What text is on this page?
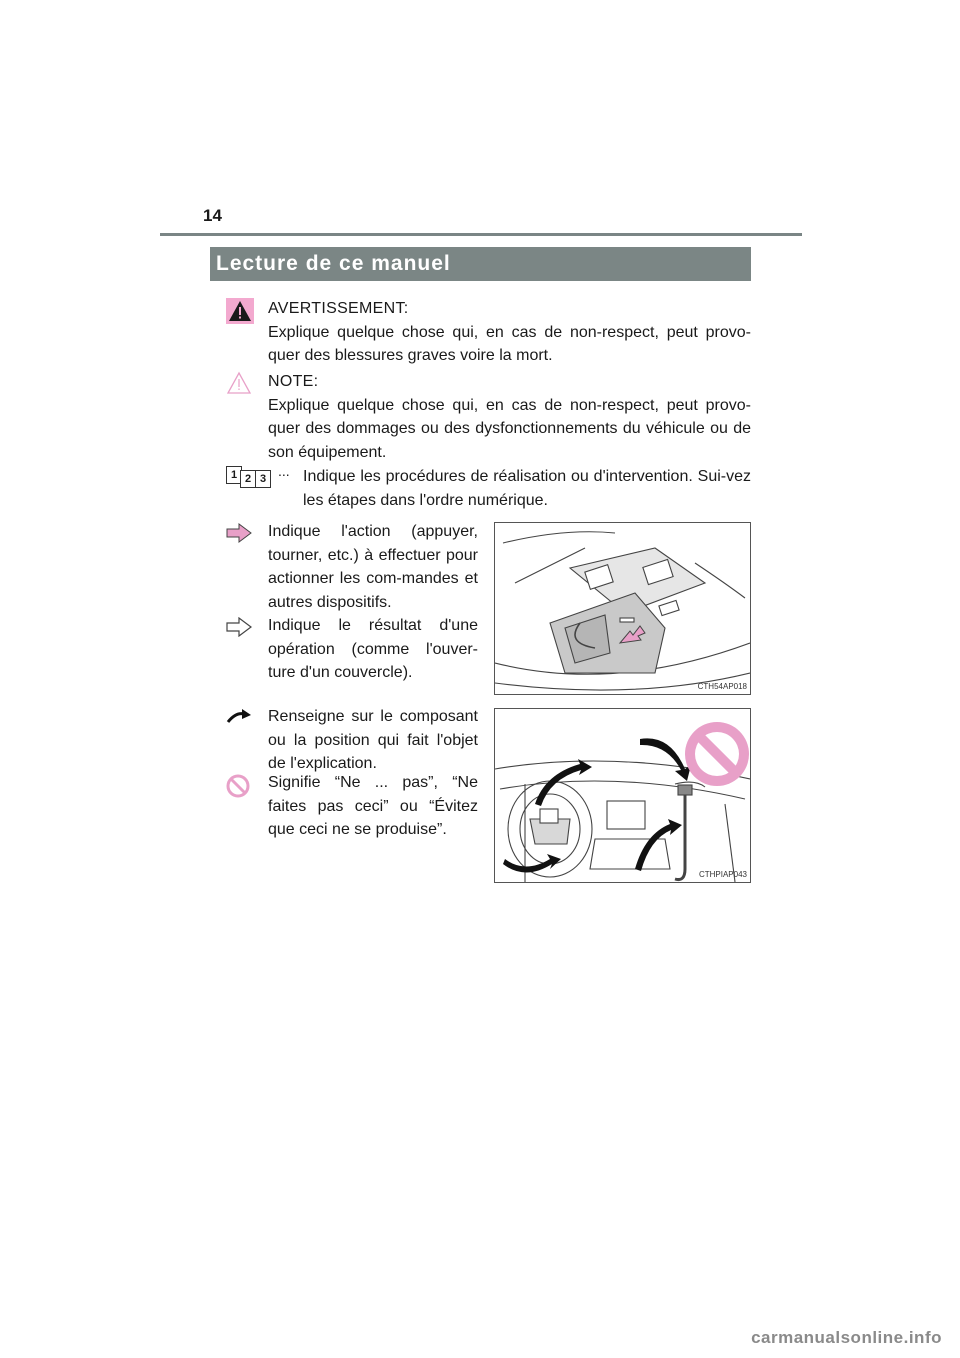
14
Lecture de ce manuel
AVERTISSEMENT:
Explique quelque chose qui, en cas de non-respect, peut provo-quer des blessures graves voire la mort.
NOTE:
Explique quelque chose qui, en cas de non-respect, peut provo-quer des dommages ou des dysfonctionnements du véhicule ou de son équipement.
1 2 3 ... Indique les procédures de réalisation ou d'intervention. Sui-vez les étapes dans l'ordre numérique.
Indique l'action (appuyer, tourner, etc.) à effectuer pour actionner les com-mandes et autres dispositifs.
Indique le résultat d'une opération (comme l'ouver-ture d'un couvercle).
CTH54AP018
Renseigne sur le composant ou la position qui fait l'objet de l'explication.
Signifie “Ne ... pas”, “Ne faites pas ceci” ou “Évitez que ceci ne se produise”.
CTHPIAP043
carmanualsonline.info
